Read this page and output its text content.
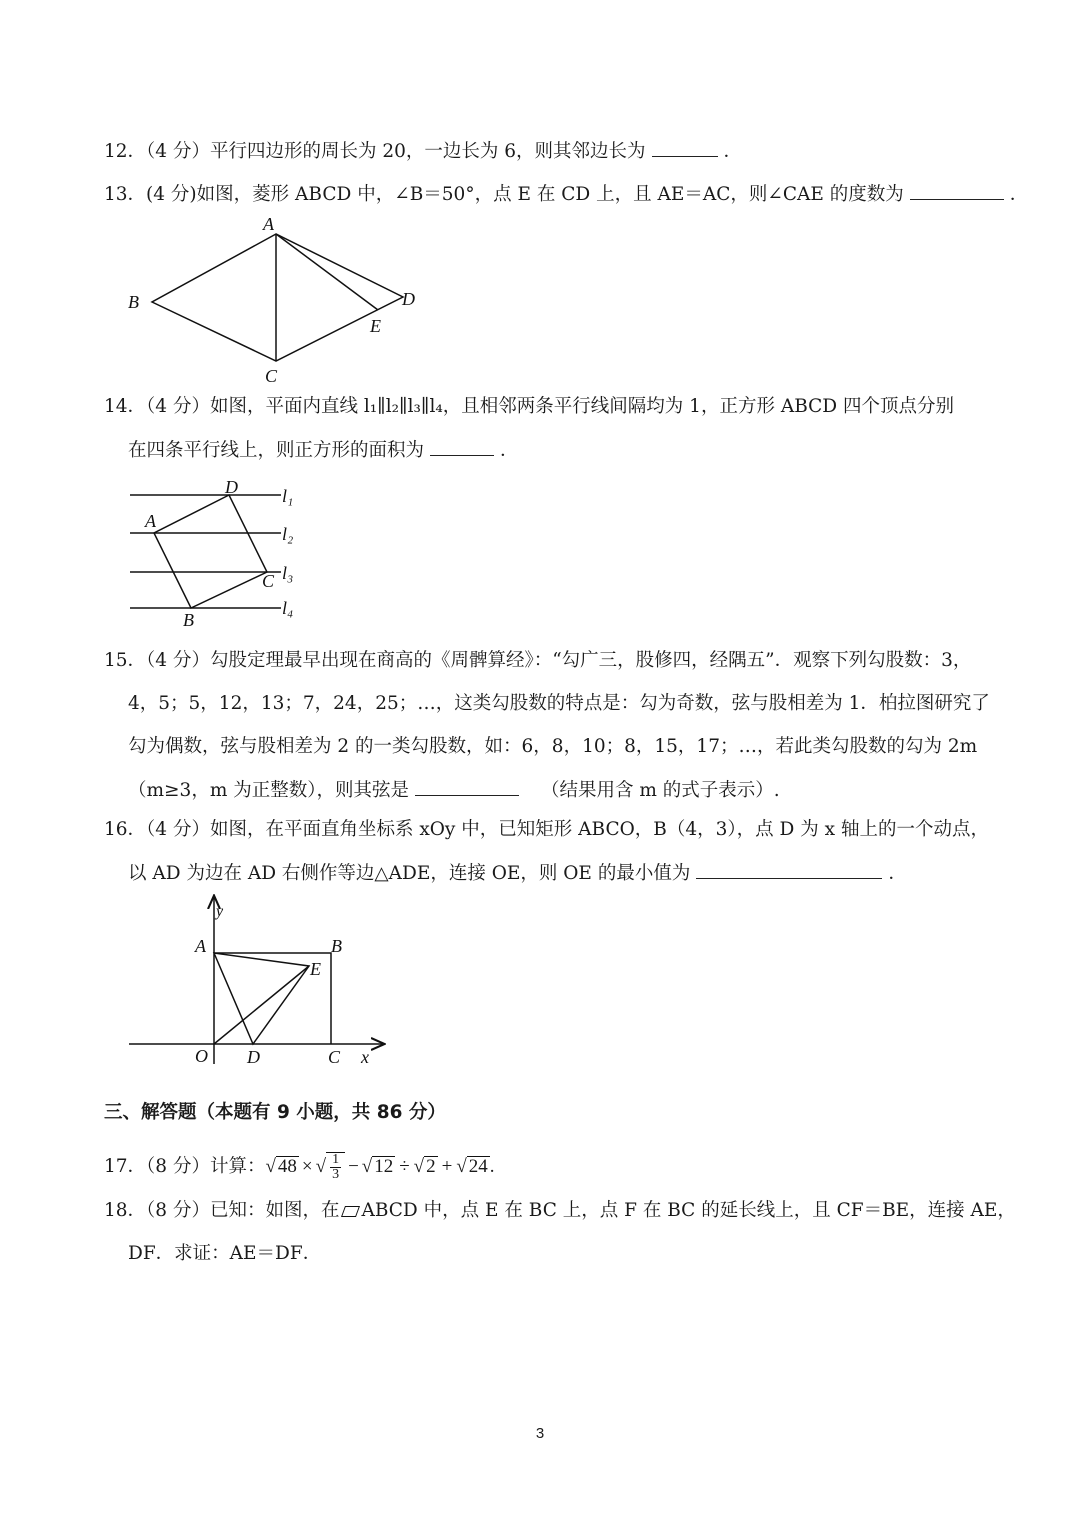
12．（4 分）平行四边形的周长为 20，一边长为 6，则其邻边长为	．
13．(4 分)如图，菱形 ABCD 中，∠B＝50°，点 E 在 CD 上，且 AE＝AC，则∠CAE 的度数为	．
A
B
C
D
E
14．（4 分）如图，平面内直线 l₁∥l₂∥l₃∥l₄，且相邻两条平行线间隔均为 1，正方形 ABCD 四个顶点分别
在四条平行线上，则正方形的面积为	．
D
A
C
B
l₁
l₂
l₃
l₄
15．（4 分）勾股定理最早出现在商高的《周髀算经》：“勾广三，股修四，经隅五”．观察下列勾股数：3，
4，5；5，12，13；7，24，25；…，这类勾股数的特点是：勾为奇数，弦与股相差为 1．柏拉图研究了
勾为偶数，弦与股相差为 2 的一类勾股数，如：6，8，10；8，15，17；…，若此类勾股数的勾为 2m
（m≥3，m 为正整数），则其弦是	（结果用含 m 的式子表示）.
16．（4 分）如图，在平面直角坐标系 xOy 中，已知矩形 ABCO，B（4，3），点 D 为 x 轴上的一个动点，
以 AD 为边在 AD 右侧作等边△ADE，连接 OE，则 OE 的最小值为	．
y
A	B
E
O D	C x
三、解答题（本题有 9 小题，共 86 分）
17．（8 分）计算：√ 48 × √ $\frac{1}{3}$ − √ 12 ÷ √ 2 + √ 24 .
18．（8 分）已知：如图，在 ABCD 中，点 E 在 BC 上，点 F 在 BC 的延长线上，且 CF＝BE，连接 AE，
DF．求证：AE＝DF．
3
